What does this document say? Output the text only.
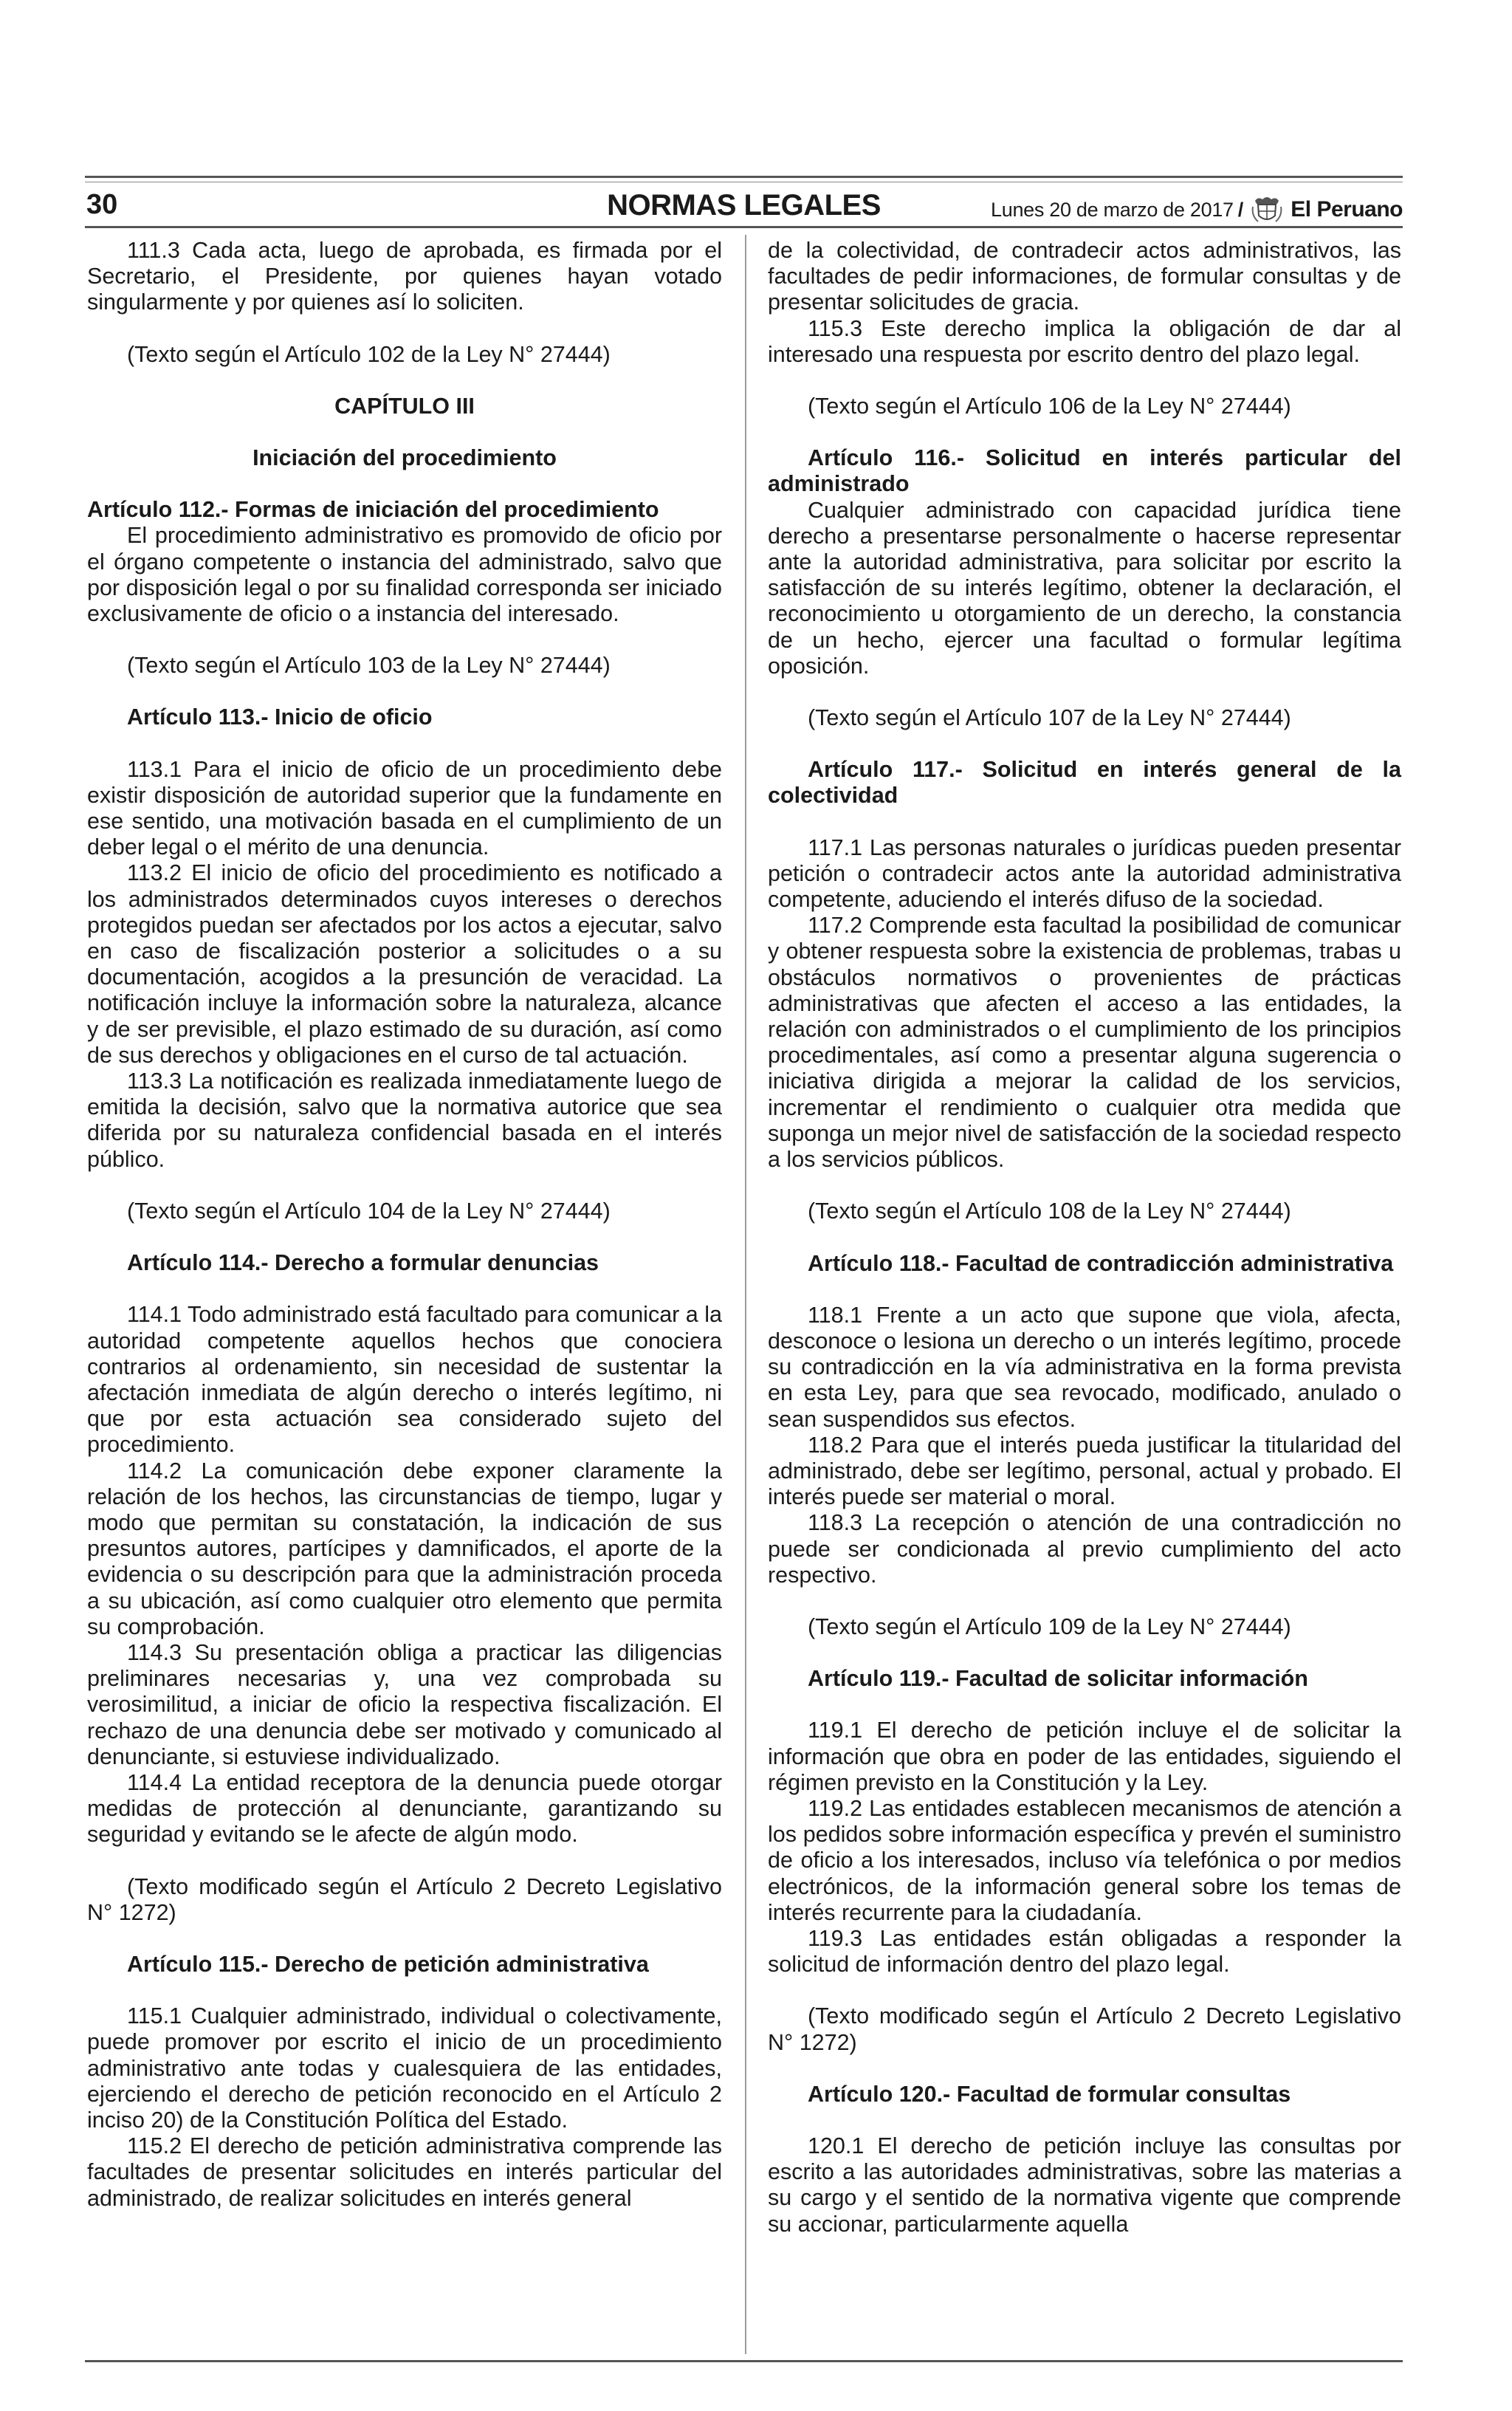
30	NORMAS LEGALES	Lunes 20 de marzo de 2017 / El Peruano

111.3 Cada acta, luego de aprobada, es firmada por el Secretario, el Presidente, por quienes hayan votado singularmente y por quienes así lo soliciten.

(Texto según el Artículo 102 de la Ley N° 27444)

CAPÍTULO III

Iniciación del procedimiento

Artículo 112.- Formas de iniciación del procedimiento

El procedimiento administrativo es promovido de oficio por el órgano competente o instancia del administrado, salvo que por disposición legal o por su finalidad corresponda ser iniciado exclusivamente de oficio o a instancia del interesado.

(Texto según el Artículo 103 de la Ley N° 27444)

Artículo 113.- Inicio de oficio

113.1 Para el inicio de oficio de un procedimiento debe existir disposición de autoridad superior que la fundamente en ese sentido, una motivación basada en el cumplimiento de un deber legal o el mérito de una denuncia.

113.2 El inicio de oficio del procedimiento es notificado a los administrados determinados cuyos intereses o derechos protegidos puedan ser afectados por los actos a ejecutar, salvo en caso de fiscalización posterior a solicitudes o a su documentación, acogidos a la presunción de veracidad. La notificación incluye la información sobre la naturaleza, alcance y de ser previsible, el plazo estimado de su duración, así como de sus derechos y obligaciones en el curso de tal actuación.

113.3 La notificación es realizada inmediatamente luego de emitida la decisión, salvo que la normativa autorice que sea diferida por su naturaleza confidencial basada en el interés público.

(Texto según el Artículo 104 de la Ley N° 27444)

Artículo 114.- Derecho a formular denuncias

114.1 Todo administrado está facultado para comunicar a la autoridad competente aquellos hechos que conociera contrarios al ordenamiento, sin necesidad de sustentar la afectación inmediata de algún derecho o interés legítimo, ni que por esta actuación sea considerado sujeto del procedimiento.

114.2 La comunicación debe exponer claramente la relación de los hechos, las circunstancias de tiempo, lugar y modo que permitan su constatación, la indicación de sus presuntos autores, partícipes y damnificados, el aporte de la evidencia o su descripción para que la administración proceda a su ubicación, así como cualquier otro elemento que permita su comprobación.

114.3 Su presentación obliga a practicar las diligencias preliminares necesarias y, una vez comprobada su verosimilitud, a iniciar de oficio la respectiva fiscalización. El rechazo de una denuncia debe ser motivado y comunicado al denunciante, si estuviese individualizado.

114.4 La entidad receptora de la denuncia puede otorgar medidas de protección al denunciante, garantizando su seguridad y evitando se le afecte de algún modo.

(Texto modificado según el Artículo 2 Decreto Legislativo N° 1272)

Artículo 115.- Derecho de petición administrativa

115.1 Cualquier administrado, individual o colectivamente, puede promover por escrito el inicio de un procedimiento administrativo ante todas y cualesquiera de las entidades, ejerciendo el derecho de petición reconocido en el Artículo 2 inciso 20) de la Constitución Política del Estado.

115.2 El derecho de petición administrativa comprende las facultades de presentar solicitudes en interés particular del administrado, de realizar solicitudes en interés general

de la colectividad, de contradecir actos administrativos, las facultades de pedir informaciones, de formular consultas y de presentar solicitudes de gracia.

115.3 Este derecho implica la obligación de dar al interesado una respuesta por escrito dentro del plazo legal.

(Texto según el Artículo 106 de la Ley N° 27444)

Artículo 116.- Solicitud en interés particular del administrado

Cualquier administrado con capacidad jurídica tiene derecho a presentarse personalmente o hacerse representar ante la autoridad administrativa, para solicitar por escrito la satisfacción de su interés legítimo, obtener la declaración, el reconocimiento u otorgamiento de un derecho, la constancia de un hecho, ejercer una facultad o formular legítima oposición.

(Texto según el Artículo 107 de la Ley N° 27444)

Artículo 117.- Solicitud en interés general de la colectividad

117.1 Las personas naturales o jurídicas pueden presentar petición o contradecir actos ante la autoridad administrativa competente, aduciendo el interés difuso de la sociedad.

117.2 Comprende esta facultad la posibilidad de comunicar y obtener respuesta sobre la existencia de problemas, trabas u obstáculos normativos o provenientes de prácticas administrativas que afecten el acceso a las entidades, la relación con administrados o el cumplimiento de los principios procedimentales, así como a presentar alguna sugerencia o iniciativa dirigida a mejorar la calidad de los servicios, incrementar el rendimiento o cualquier otra medida que suponga un mejor nivel de satisfacción de la sociedad respecto a los servicios públicos.

(Texto según el Artículo 108 de la Ley N° 27444)

Artículo 118.- Facultad de contradicción administrativa

118.1 Frente a un acto que supone que viola, afecta, desconoce o lesiona un derecho o un interés legítimo, procede su contradicción en la vía administrativa en la forma prevista en esta Ley, para que sea revocado, modificado, anulado o sean suspendidos sus efectos.

118.2 Para que el interés pueda justificar la titularidad del administrado, debe ser legítimo, personal, actual y probado. El interés puede ser material o moral.

118.3 La recepción o atención de una contradicción no puede ser condicionada al previo cumplimiento del acto respectivo.

(Texto según el Artículo 109 de la Ley N° 27444)

Artículo 119.- Facultad de solicitar información

119.1 El derecho de petición incluye el de solicitar la información que obra en poder de las entidades, siguiendo el régimen previsto en la Constitución y la Ley.

119.2 Las entidades establecen mecanismos de atención a los pedidos sobre información específica y prevén el suministro de oficio a los interesados, incluso vía telefónica o por medios electrónicos, de la información general sobre los temas de interés recurrente para la ciudadanía.

119.3 Las entidades están obligadas a responder la solicitud de información dentro del plazo legal.

(Texto modificado según el Artículo 2 Decreto Legislativo N° 1272)

Artículo 120.- Facultad de formular consultas

120.1 El derecho de petición incluye las consultas por escrito a las autoridades administrativas, sobre las materias a su cargo y el sentido de la normativa vigente que comprende su accionar, particularmente aquella
